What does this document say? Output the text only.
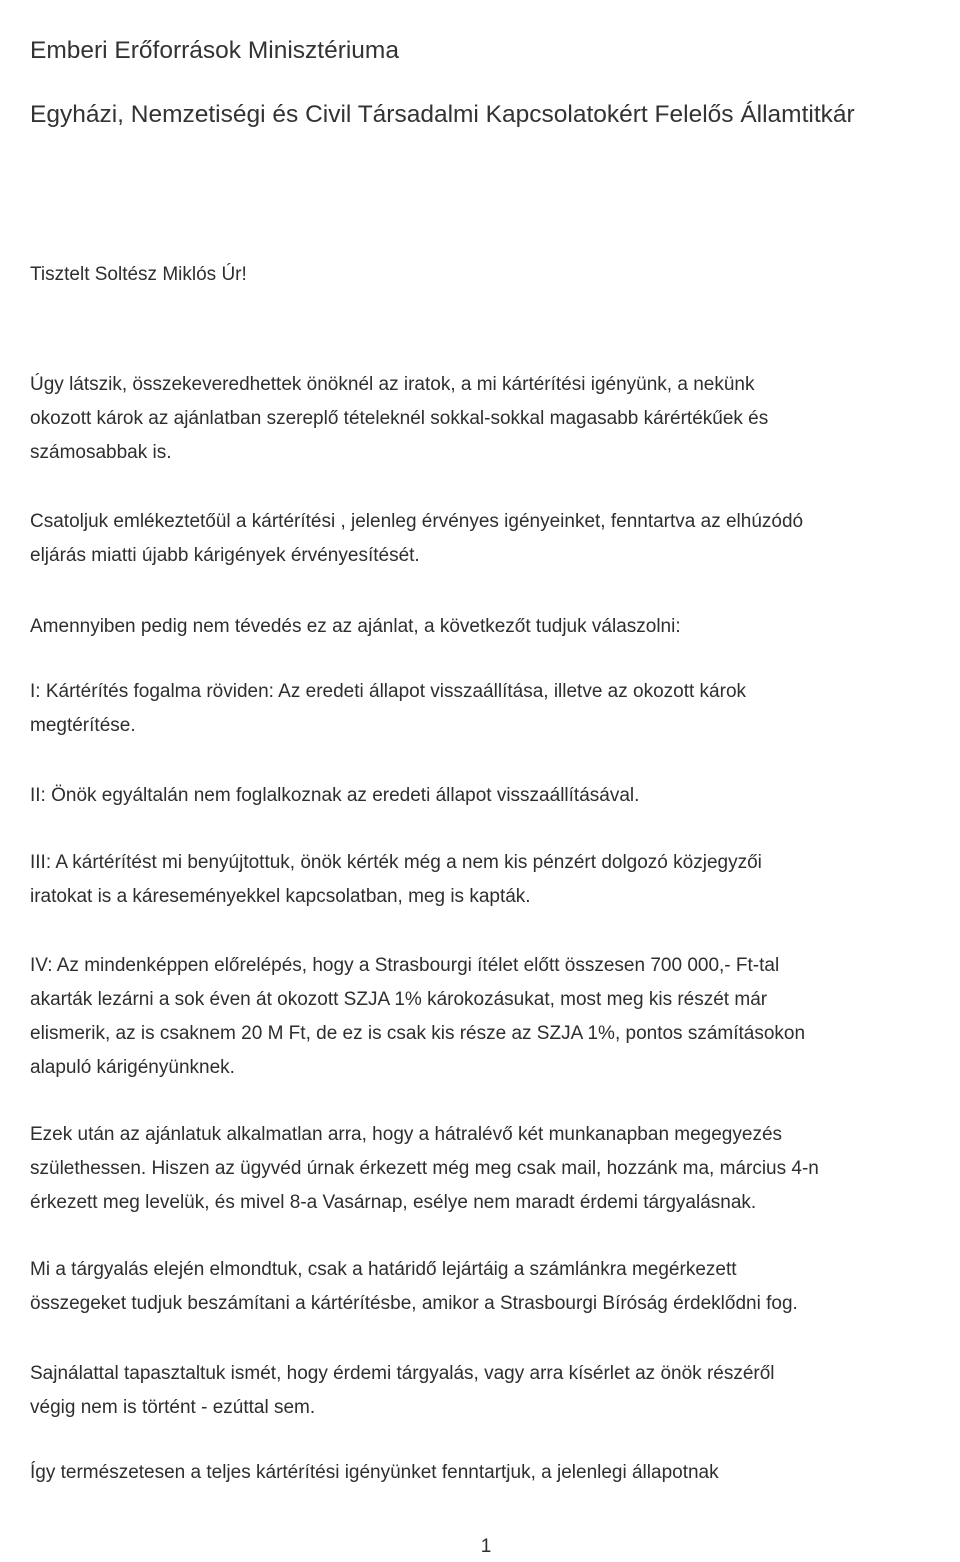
Emberi Erőforrások Minisztériuma
Egyházi, Nemzetiségi és Civil Társadalmi Kapcsolatokért Felelős Államtitkár

Tisztelt Soltész Miklós Úr!

Úgy látszik, összekeveredhettek önöknél az iratok, a mi kártérítési igényünk, a nekünk
okozott károk az ajánlatban szereplő tételeknél sokkal-sokkal magasabb kárértékűek és
számosabbak is.

Csatoljuk emlékeztetőül a kártérítési , jelenleg érvényes igényeinket, fenntartva az elhúzódó
eljárás miatti újabb kárigények érvényesítését.

Amennyiben pedig nem tévedés ez az ajánlat, a következőt tudjuk válaszolni:

I: Kártérítés fogalma röviden: Az eredeti állapot visszaállítása, illetve az okozott károk
megtérítése.

II: Önök egyáltalán nem foglalkoznak az eredeti állapot visszaállításával.

III: A kártérítést mi benyújtottuk, önök kérték még a nem kis pénzért dolgozó közjegyzői
iratokat is a káreseményekkel kapcsolatban, meg is kapták.

IV: Az mindenképpen előrelépés, hogy a Strasbourgi ítélet előtt összesen 700 000,- Ft-tal
akarták lezárni a sok éven át okozott SZJA 1% károkozásukat, most meg kis részét már
elismerik, az is csaknem 20 M Ft, de ez is csak kis része az SZJA 1%, pontos számításokon
alapuló kárigényünknek.

Ezek után az ajánlatuk alkalmatlan arra, hogy a hátralévő két munkanapban megegyezés
születhessen. Hiszen az ügyvéd úrnak érkezett még meg csak mail, hozzánk ma, március 4-n
érkezett meg levelük, és mivel 8-a Vasárnap, esélye nem maradt érdemi tárgyalásnak.

Mi a tárgyalás elején elmondtuk, csak a határidő lejártáig a számlánkra megérkezett
összegeket tudjuk beszámítani a kártérítésbe, amikor a Strasbourgi Bíróság érdeklődni fog.

Sajnálattal tapasztaltuk ismét, hogy érdemi tárgyalás, vagy arra kísérlet az önök részéről
végig nem is történt - ezúttal sem.

Így természetesen a teljes kártérítési igényünket fenntartjuk, a jelenlegi állapotnak

1
